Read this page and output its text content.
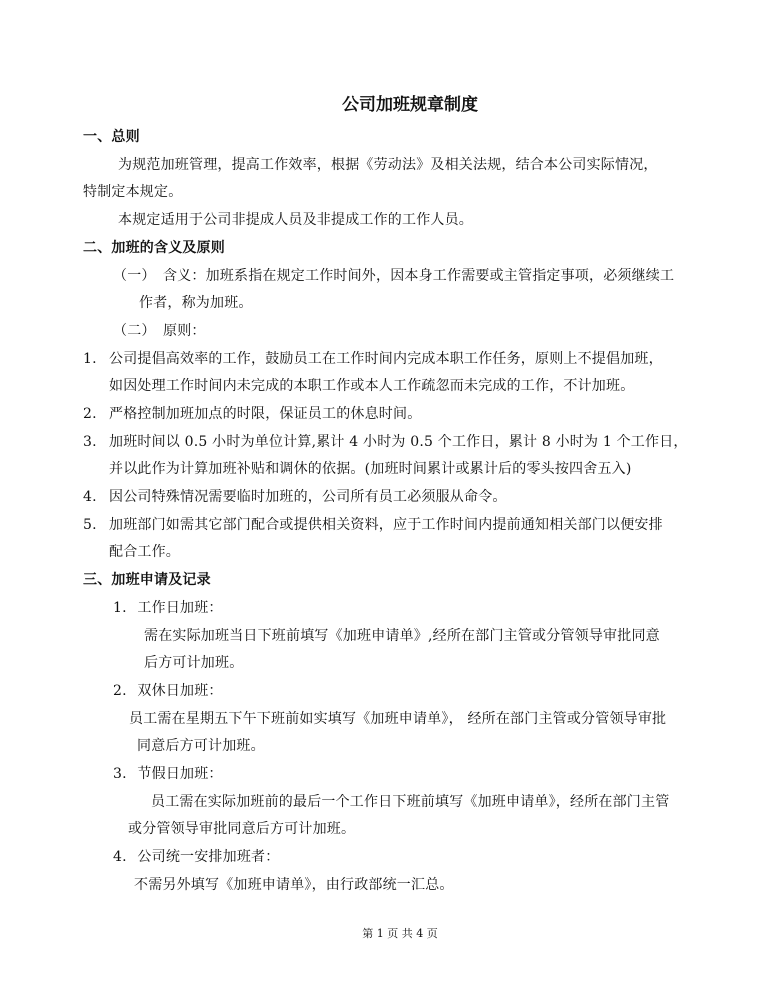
公司加班规章制度
一、总则
为规范加班管理，提高工作效率，根据《劳动法》及相关法规，结合本公司实际情况，
特制定本规定。
本规定适用于公司非提成人员及非提成工作的工作人员。
二、加班的含义及原则
（一） 含义：加班系指在规定工作时间外，因本身工作需要或主管指定事项，必须继续工
作者，称为加班。
（二） 原则：
1. 公司提倡高效率的工作，鼓励员工在工作时间内完成本职工作任务，原则上不提倡加班，
如因处理工作时间内未完成的本职工作或本人工作疏忽而未完成的工作，不计加班。
2. 严格控制加班加点的时限，保证员工的休息时间。
3. 加班时间以 0.5 小时为单位计算,累计 4 小时为 0.5 个工作日，累计 8 小时为 1 个工作日，
并以此作为计算加班补贴和调休的依据。(加班时间累计或累计后的零头按四舍五入)
4. 因公司特殊情况需要临时加班的，公司所有员工必须服从命令。
5. 加班部门如需其它部门配合或提供相关资料，应于工作时间内提前通知相关部门以便安排
配合工作。
三、加班申请及记录
1. 工作日加班：
需在实际加班当日下班前填写《加班申请单》,经所在部门主管或分管领导审批同意
后方可计加班。
2. 双休日加班：
员工需在星期五下午下班前如实填写《加班申请单》， 经所在部门主管或分管领导审批
同意后方可计加班。
3. 节假日加班：
员工需在实际加班前的最后一个工作日下班前填写《加班申请单》，经所在部门主管
或分管领导审批同意后方可计加班。
4. 公司统一安排加班者：
不需另外填写《加班申请单》，由行政部统一汇总。
第 1 页 共 4 页
